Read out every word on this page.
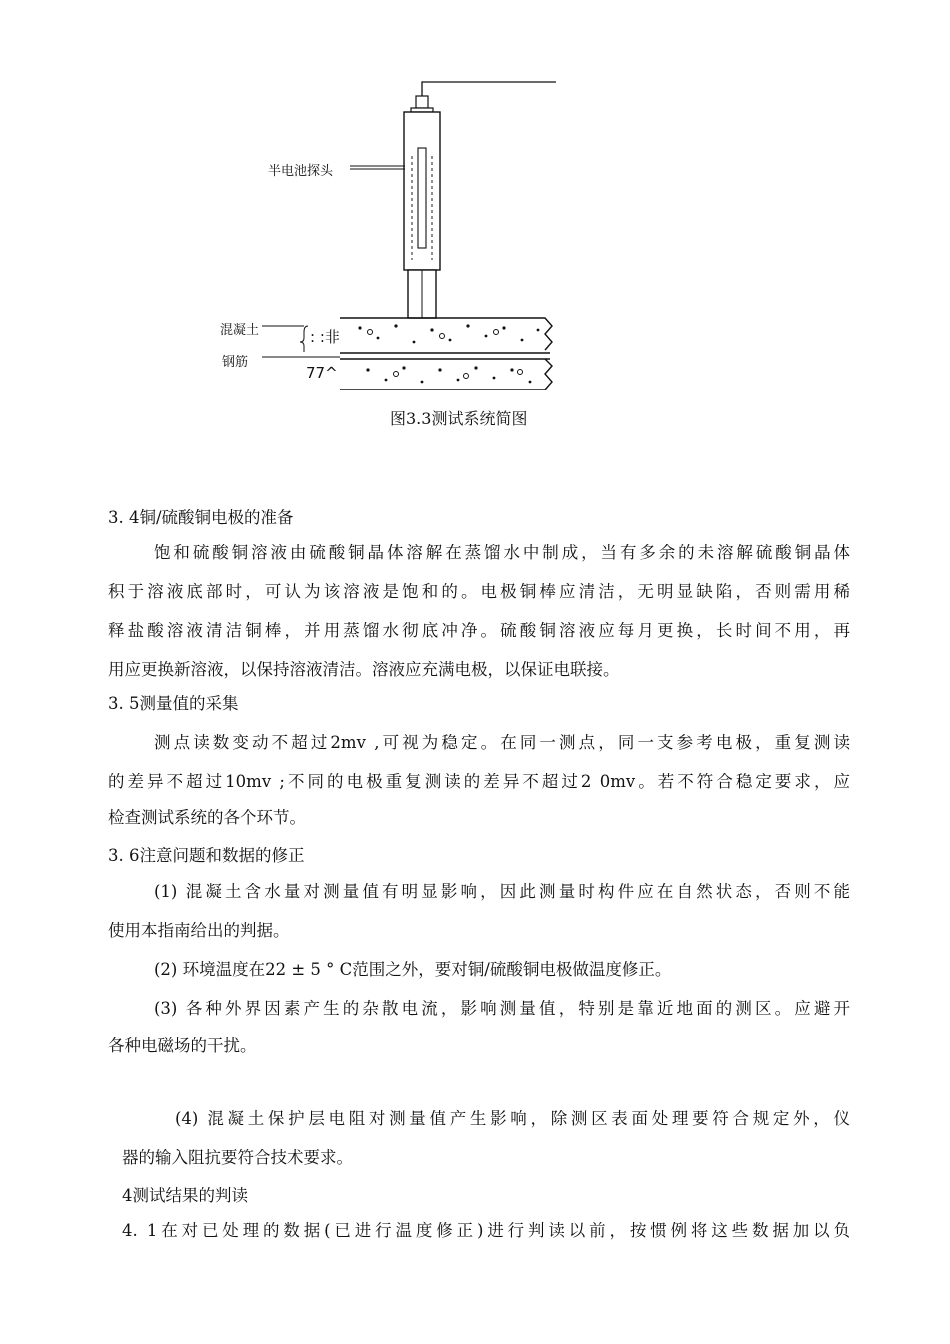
半电池探头
混凝土
钢筋
: :非
77^
图3.3测试系统简图
3. 4铜/硫酸铜电极的准备
饱和硫酸铜溶液由硫酸铜晶体溶解在蒸馏水中制成，当有多余的未溶解硫酸铜晶体
积于溶液底部时，可认为该溶液是饱和的。电极铜棒应清洁，无明显缺陷，否则需用稀
释盐酸溶液清洁铜棒，并用蒸馏水彻底冲净。硫酸铜溶液应每月更换，长时间不用，再
用应更换新溶液，以保持溶液清洁。溶液应充满电极，以保证电联接。
3. 5测量值的采集
测点读数变动不超过2mv ,可视为稳定。在同一测点，同一支参考电极，重复测读
的差异不超过10mv ;不同的电极重复测读的差异不超过2 0mv。若不符合稳定要求，应
检查测试系统的各个环节。
3. 6注意问题和数据的修正
(1) 混凝土含水量对测量值有明显影响，因此测量时构件应在自然状态，否则不能
使用本指南给出的判据。
(2) 环境温度在22 ± 5 ° C范围之外，要对铜/硫酸铜电极做温度修正。
(3) 各种外界因素产生的杂散电流，影响测量值，特别是靠近地面的测区。应避开
各种电磁场的干扰。
(4) 混凝土保护层电阻对测量值产生影响，除测区表面处理要符合规定外，仪
器的输入阻抗要符合技术要求。
4测试结果的判读
4. 1在对已处理的数据(已进行温度修正)进行判读以前，按惯例将这些数据加以负
